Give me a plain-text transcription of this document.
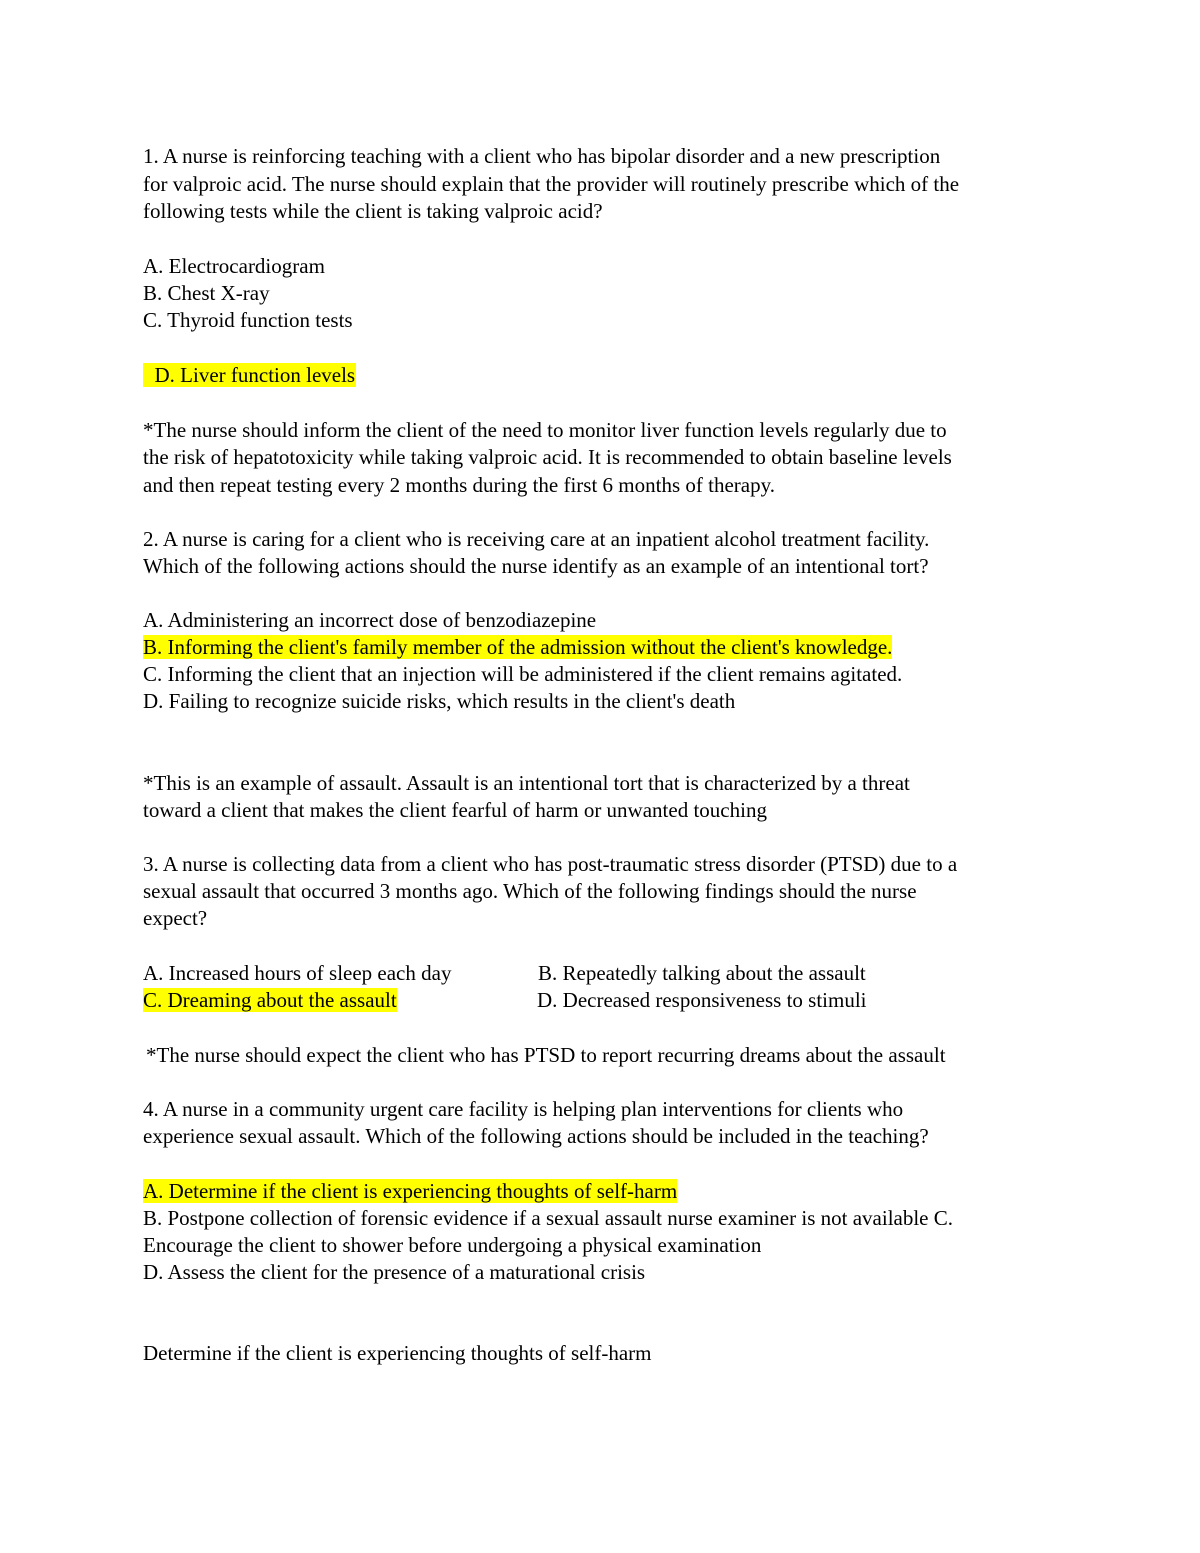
1. A nurse is reinforcing teaching with a client who has bipolar disorder and a new prescription
for valproic acid. The nurse should explain that the provider will routinely prescribe which of the
following tests while the client is taking valproic acid?
A. Electrocardiogram
B. Chest X-ray
C. Thyroid function tests
D. Liver function levels
*The nurse should inform the client of the need to monitor liver function levels regularly due to
the risk of hepatotoxicity while taking valproic acid. It is recommended to obtain baseline levels
and then repeat testing every 2 months during the first 6 months of therapy.
2. A nurse is caring for a client who is receiving care at an inpatient alcohol treatment facility.
Which of the following actions should the nurse identify as an example of an intentional tort?
A. Administering an incorrect dose of benzodiazepine
B. Informing the client's family member of the admission without the client's knowledge.
C. Informing the client that an injection will be administered if the client remains agitated.
D. Failing to recognize suicide risks, which results in the client's death
*This is an example of assault. Assault is an intentional tort that is characterized by a threat
toward a client that makes the client fearful of harm or unwanted touching
3. A nurse is collecting data from a client who has post-traumatic stress disorder (PTSD) due to a
sexual assault that occurred 3 months ago. Which of the following findings should the nurse
expect?
A. Increased hours of sleep each day	B. Repeatedly talking about the assault
C. Dreaming about the assault	D. Decreased responsiveness to stimuli
*The nurse should expect the client who has PTSD to report recurring dreams about the assault
4. A nurse in a community urgent care facility is helping plan interventions for clients who
experience sexual assault. Which of the following actions should be included in the teaching?
A. Determine if the client is experiencing thoughts of self-harm
B. Postpone collection of forensic evidence if a sexual assault nurse examiner is not available C.
Encourage the client to shower before undergoing a physical examination
D. Assess the client for the presence of a maturational crisis
Determine if the client is experiencing thoughts of self-harm
